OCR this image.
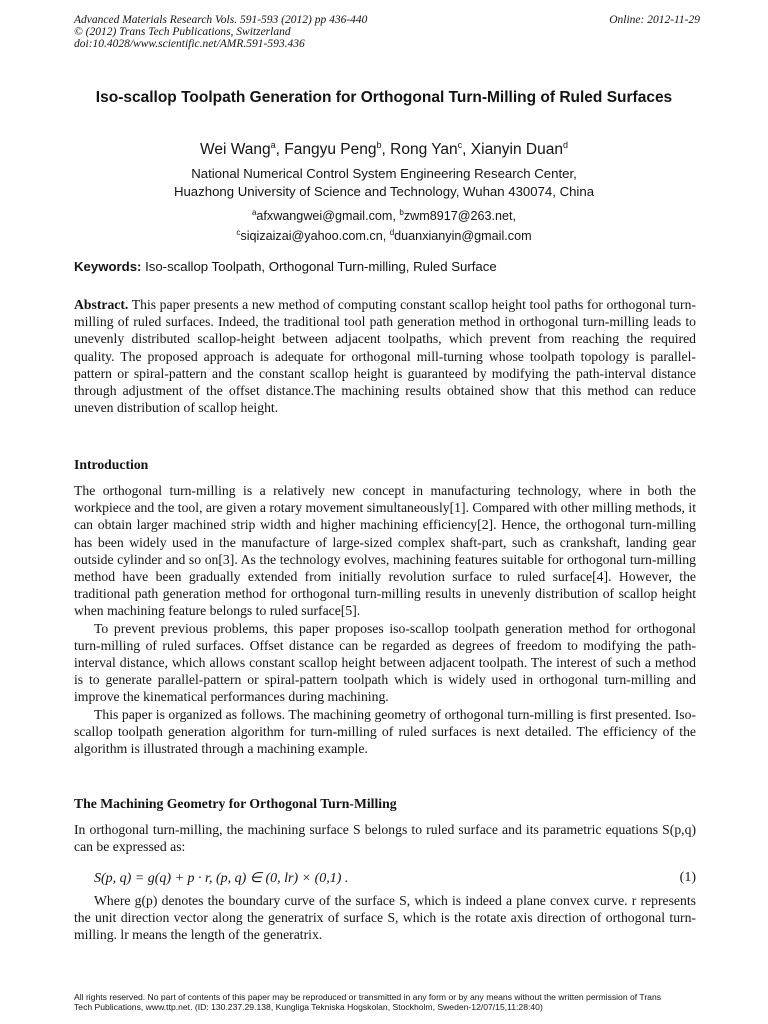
Advanced Materials Research Vols. 591-593 (2012) pp 436-440
© (2012) Trans Tech Publications, Switzerland
doi:10.4028/www.scientific.net/AMR.591-593.436
Online: 2012-11-29
Iso-scallop Toolpath Generation for Orthogonal Turn-Milling of Ruled Surfaces
Wei Wang$^a$, Fangyu Peng$^b$, Rong Yan$^c$, Xianyin Duan$^d$
National Numerical Control System Engineering Research Center,
Huazhong University of Science and Technology, Wuhan 430074, China
$^a$afxwangwei@gmail.com, $^b$zwm8917@263.net,
$^c$siqizaizai@yahoo.com.cn, $^d$duanxianyin@gmail.com
Keywords: Iso-scallop Toolpath, Orthogonal Turn-milling, Ruled Surface
Abstract. This paper presents a new method of computing constant scallop height tool paths for orthogonal turn-milling of ruled surfaces. Indeed, the traditional tool path generation method in orthogonal turn-milling leads to unevenly distributed scallop-height between adjacent toolpaths, which prevent from reaching the required quality. The proposed approach is adequate for orthogonal mill-turning whose toolpath topology is parallel-pattern or spiral-pattern and the constant scallop height is guaranteed by modifying the path-interval distance through adjustment of the offset distance.The machining results obtained show that this method can reduce uneven distribution of scallop height.
Introduction

The orthogonal turn-milling is a relatively new concept in manufacturing technology, where in both the workpiece and the tool, are given a rotary movement simultaneously[1]. Compared with other milling methods, it can obtain larger machined strip width and higher machining efficiency[2]. Hence, the orthogonal turn-milling has been widely used in the manufacture of large-sized complex shaft-part, such as crankshaft, landing gear outside cylinder and so on[3]. As the technology evolves, machining features suitable for orthogonal turn-milling method have been gradually extended from initially revolution surface to ruled surface[4]. However, the traditional path generation method for orthogonal turn-milling results in unevenly distribution of scallop height when machining feature belongs to ruled surface[5].

To prevent previous problems, this paper proposes iso-scallop toolpath generation method for orthogonal turn-milling of ruled surfaces. Offset distance can be regarded as degrees of freedom to modifying the path-interval distance, which allows constant scallop height between adjacent toolpath. The interest of such a method is to generate parallel-pattern or spiral-pattern toolpath which is widely used in orthogonal turn-milling and improve the kinematical performances during machining.

This paper is organized as follows. The machining geometry of orthogonal turn-milling is first presented. Iso-scallop toolpath generation algorithm for turn-milling of ruled surfaces is next detailed. The efficiency of the algorithm is illustrated through a machining example.

The Machining Geometry for Orthogonal Turn-Milling

In orthogonal turn-milling, the machining surface S belongs to ruled surface and its parametric equations S(p,q) can be expressed as:

S(p, q) = g(q) + p · r, (p, q) ∈ (0, lr) × (0,1) .	(1)

Where g(p) denotes the boundary curve of the surface S, which is indeed a plane convex curve. r represents the unit direction vector along the generatrix of surface S, which is the rotate axis direction of orthogonal turn-milling. lr means the length of the generatrix.

All rights reserved. No part of contents of this paper may be reproduced or transmitted in any form or by any means without the written permission of Trans
Tech Publications, www.ttp.net. (ID: 130.237.29.138, Kungliga Tekniska Hogskolan, Stockholm, Sweden-12/07/15,11:28:40)
